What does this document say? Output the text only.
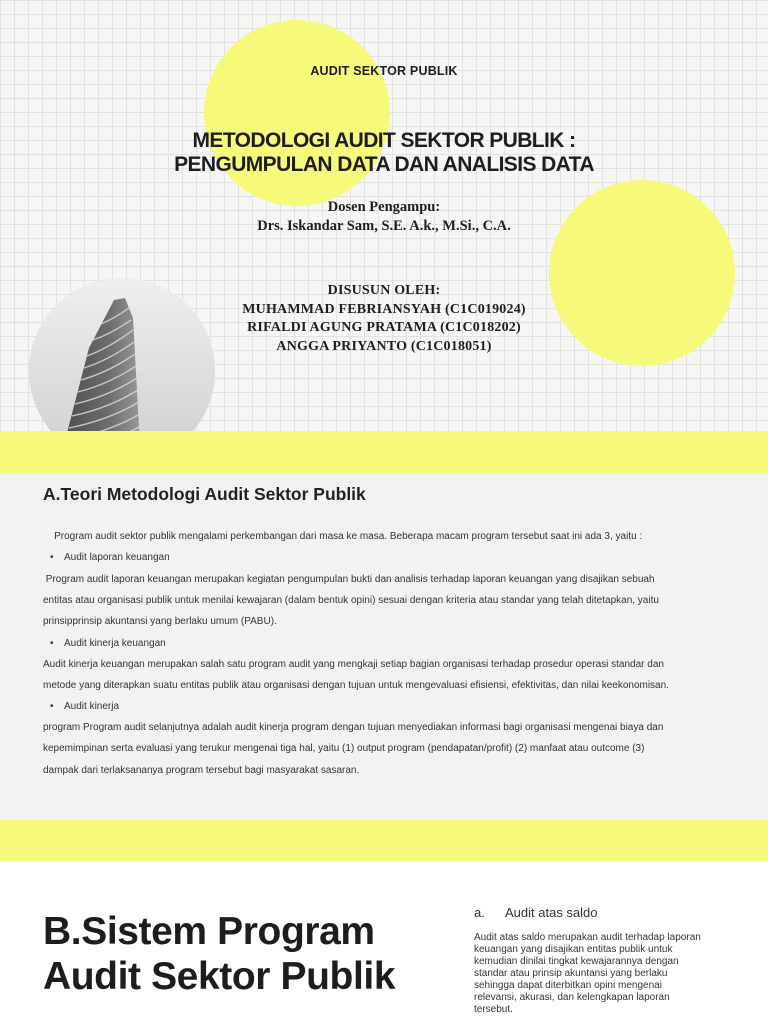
AUDIT SEKTOR PUBLIK
METODOLOGI AUDIT SEKTOR PUBLIK :
PENGUMPULAN DATA DAN ANALISIS DATA
Dosen Pengampu:
Drs. Iskandar Sam, S.E. A.k., M.Si., C.A.
DISUSUN OLEH:
MUHAMMAD FEBRIANSYAH (C1C019024)
RIFALDI AGUNG PRATAMA (C1C018202)
ANGGA PRIYANTO (C1C018051)
A.Teori Metodologi Audit Sektor Publik
Program audit sektor publik mengalami perkembangan dari masa ke masa. Beberapa macam program tersebut saat ini ada 3, yaitu :
• Audit laporan keuangan
Program audit laporan keuangan merupakan kegiatan pengumpulan bukti dan analisis terhadap laporan keuangan yang disajikan sebuah
entitas atau organisasi publik untuk menilai kewajaran (dalam bentuk opini) sesuai dengan kriteria atau standar yang telah ditetapkan, yaitu
prinsipprinsip akuntansi yang berlaku umum (PABU).
• Audit kinerja keuangan
Audit kinerja keuangan merupakan salah satu program audit yang mengkaji setiap bagian organisasi terhadap prosedur operasi standar dan
metode yang diterapkan suatu entitas publik atau organisasi dengan tujuan untuk mengevaluasi efisiensi, efektivitas, dan nilai keekonomisan.
• Audit kinerja
program Program audit selanjutnya adalah audit kinerja program dengan tujuan menyediakan informasi bagi organisasi mengenai biaya dan
kepemimpinan serta evaluasi yang terukur mengenai tiga hal, yaitu (1) output program (pendapatan/profit) (2) manfaat atau outcome (3)
dampak dari terlaksananya program tersebut bagi masyarakat sasaran.
B.Sistem Program
Audit Sektor Publik
a. Audit atas saldo
Audit atas saldo merupakan audit terhadap laporan
keuangan yang disajikan entitas publik untuk
kemudian dinilai tingkat kewajarannya dengan
standar atau prinsip akuntansi yang berlaku
sehingga dapat diterbitkan opini mengenai
relevansi, akurasi, dan kelengkapan laporan
tersebut.
